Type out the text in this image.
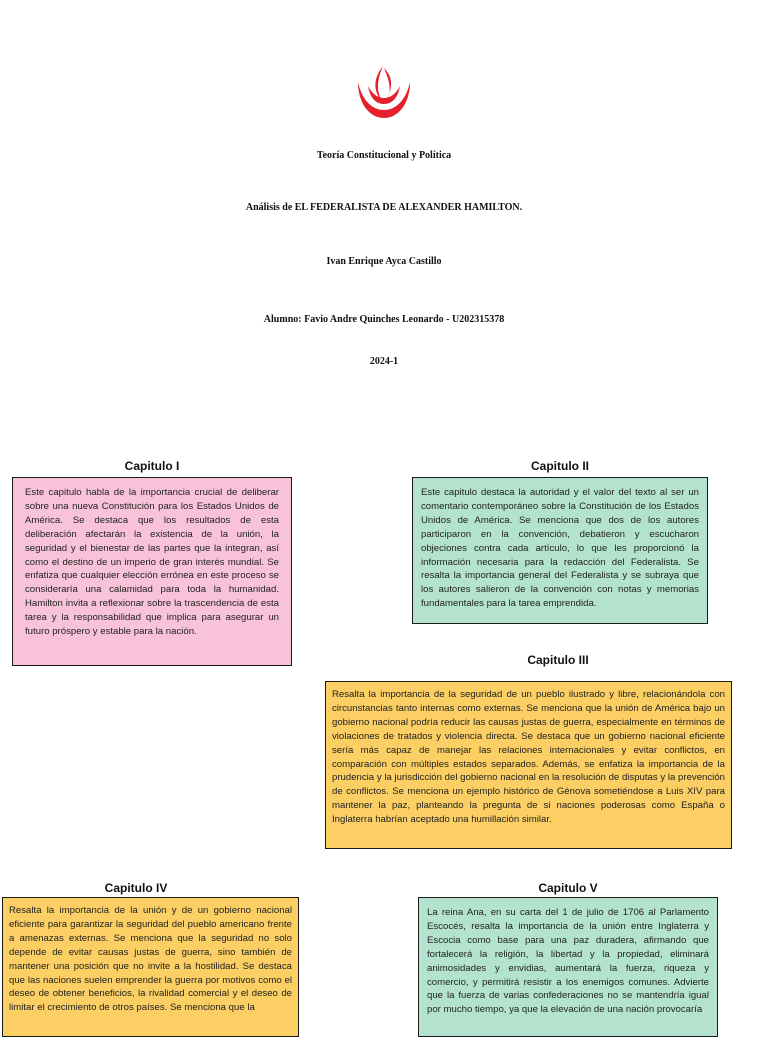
Teoría Constitucional y Política
Análisis de EL FEDERALISTA DE ALEXANDER HAMILTON.
Ivan Enrique Ayca Castillo
Alumno: Favio Andre Quinches Leonardo - U202315378
2024-1
Capitulo I
Este capitulo habla de la importancia crucial de deliberar sobre una nueva Constitución para los Estados Unidos de América. Se destaca que los resultados de esta deliberación afectarán la existencia de la unión, la seguridad y el bienestar de las partes que la integran, así como el destino de un imperio de gran interés mundial. Se enfatiza que cualquier elección errónea en este proceso se consideraría una calamidad para toda la humanidad. Hamilton invita a reflexionar sobre la trascendencia de esta tarea y la responsabilidad que implica para asegurar un futuro próspero y estable para la nación.
Capitulo II
Este capitulo destaca la autoridad y el valor del texto al ser un comentario contemporáneo sobre la Constitución de los Estados Unidos de América. Se menciona que dos de los autores participaron en la convención, debatieron y escucharon objeciones contra cada artículo, lo que les proporcionó la información necesaria para la redacción del Federalista. Se resalta la importancia general del Federalista y se subraya que los autores salieron de la convención con notas y memorias fundamentales para la tarea emprendida.
Capitulo III
Resalta la importancia de la seguridad de un pueblo ilustrado y libre, relacionándola con circunstancias tanto internas como externas. Se menciona que la unión de América bajo un gobierno nacional podría reducir las causas justas de guerra, especialmente en términos de violaciones de tratados y violencia directa. Se destaca que un gobierno nacional eficiente sería más capaz de manejar las relaciones internacionales y evitar conflictos, en comparación con múltiples estados separados. Además, se enfatiza la importancia de la prudencia y la jurisdicción del gobierno nacional en la resolución de disputas y la prevención de conflictos. Se menciona un ejemplo histórico de Génova sometiéndose a Luis XIV para mantener la paz, planteando la pregunta de si naciones poderosas como España o Inglaterra habrían aceptado una humillación similar.
Capitulo IV
Resalta la importancia de la unión y de un gobierno nacional eficiente para garantizar la seguridad del pueblo americano frente a amenazas externas. Se menciona que la seguridad no solo depende de evitar causas justas de guerra, sino también de mantener una posición que no invite a la hostilidad. Se destaca que las naciones suelen emprender la guerra por motivos como el deseo de obtener beneficios, la rivalidad comercial y el deseo de limitar el crecimiento de otros países. Se menciona que la
Capitulo V
La reina Ana, en su carta del 1 de julio de 1706 al Parlamento Escocés, resalta la importancia de la unión entre Inglaterra y Escocia como base para una paz duradera, afirmando que fortalecerá la religión, la libertad y la propiedad, eliminará animosidades y envidias, aumentará la fuerza, riqueza y comercio, y permitirá resistir a los enemigos comunes. Advierte que la fuerza de varias confederaciones no se mantendría igual por mucho tiempo, ya que la elevación de una nación provocaría
